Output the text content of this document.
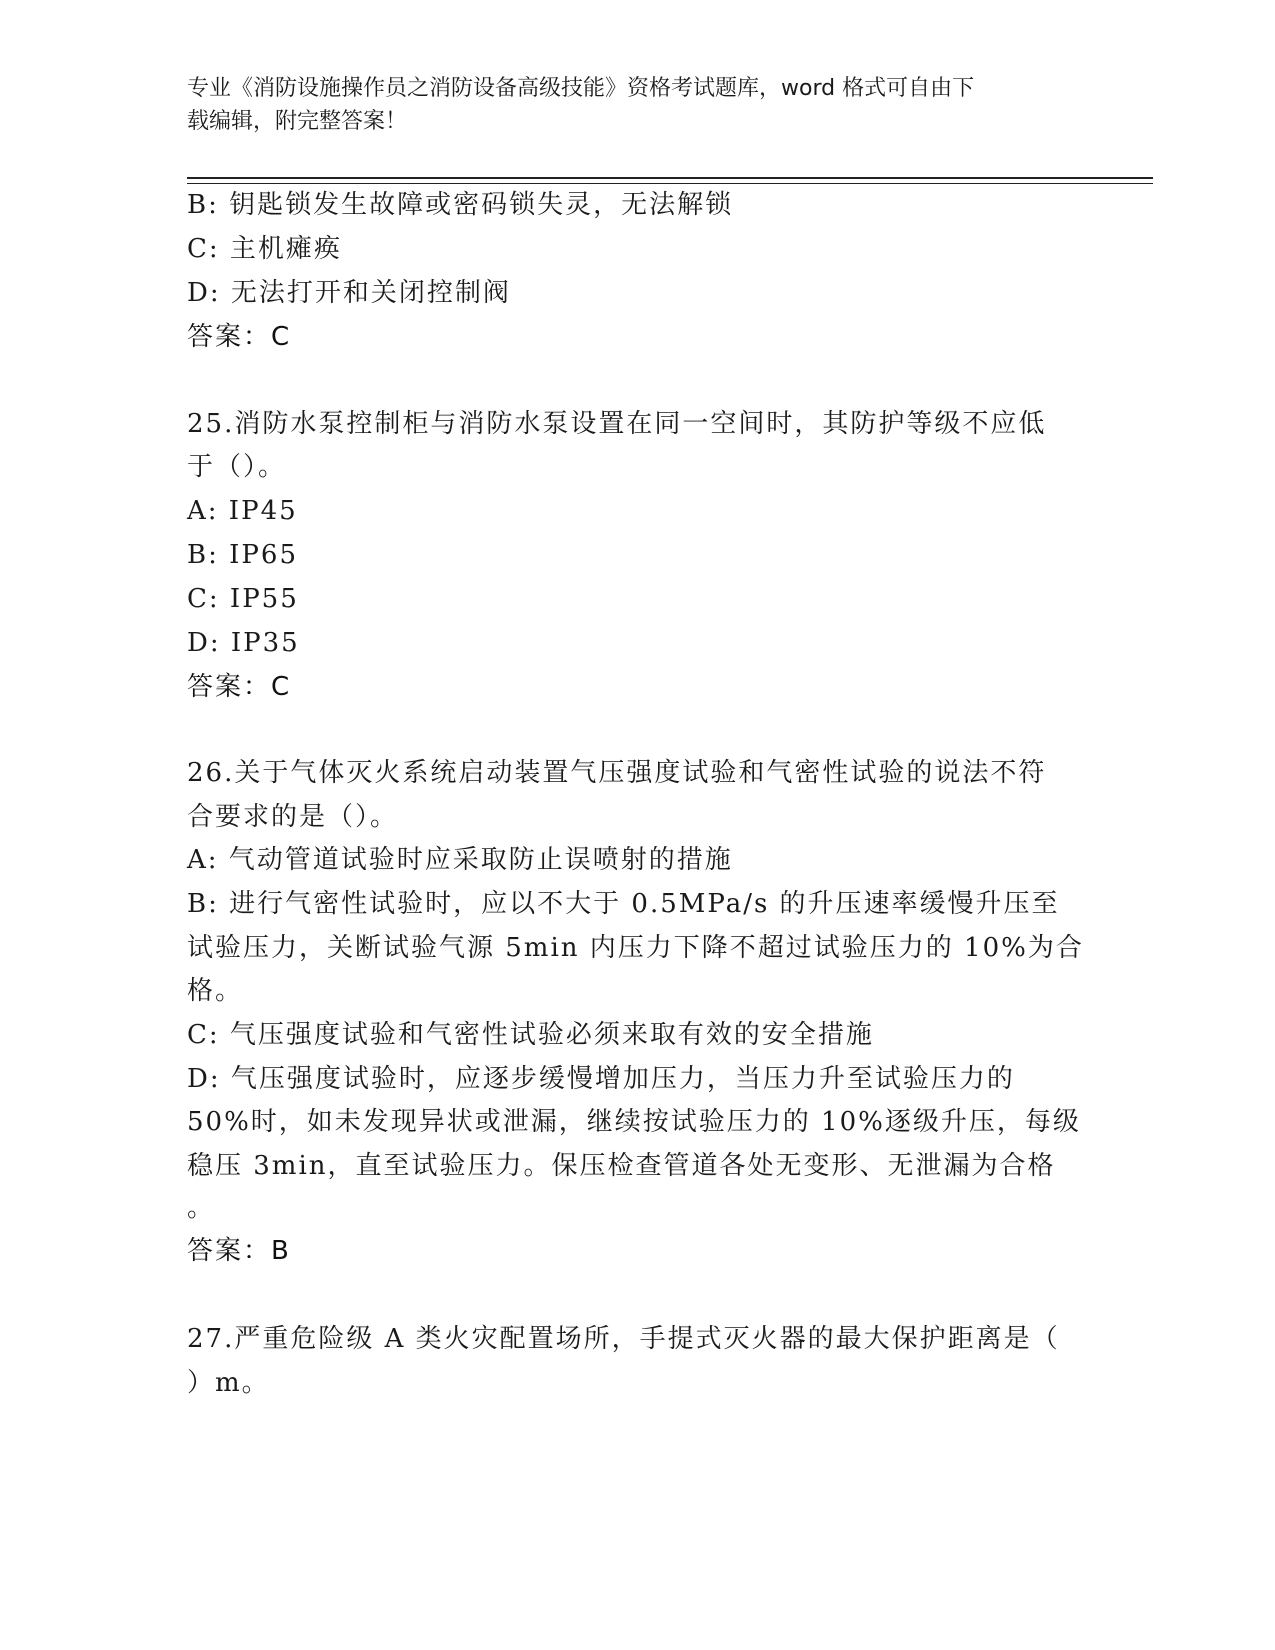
专业《消防设施操作员之消防设备高级技能》资格考试题库，word 格式可自由下
载编辑，附完整答案！
B: 钥匙锁发生故障或密码锁失灵，无法解锁
C: 主机瘫痪
D: 无法打开和关闭控制阀
答案：C
25.消防水泵控制柜与消防水泵设置在同一空间时，其防护等级不应低
于（）。
A: IP45
B: IP65
C: IP55
D: IP35
答案：C
26.关于气体灭火系统启动装置气压强度试验和气密性试验的说法不符
合要求的是（）。
A: 气动管道试验时应采取防止误喷射的措施
B: 进行气密性试验时，应以不大于 0.5MPa/s 的升压速率缓慢升压至
试验压力，关断试验气源 5min 内压力下降不超过试验压力的 10%为合
格。
C: 气压强度试验和气密性试验必须来取有效的安全措施
D: 气压强度试验时，应逐步缓慢增加压力，当压力升至试验压力的
50%时，如未发现异状或泄漏，继续按试验压力的 10%逐级升压，每级
稳压 3min，直至试验压力。保压检查管道各处无变形、无泄漏为合格
。
答案：B
27.严重危险级 A 类火灾配置场所，手提式灭火器的最大保护距离是（
）m。
